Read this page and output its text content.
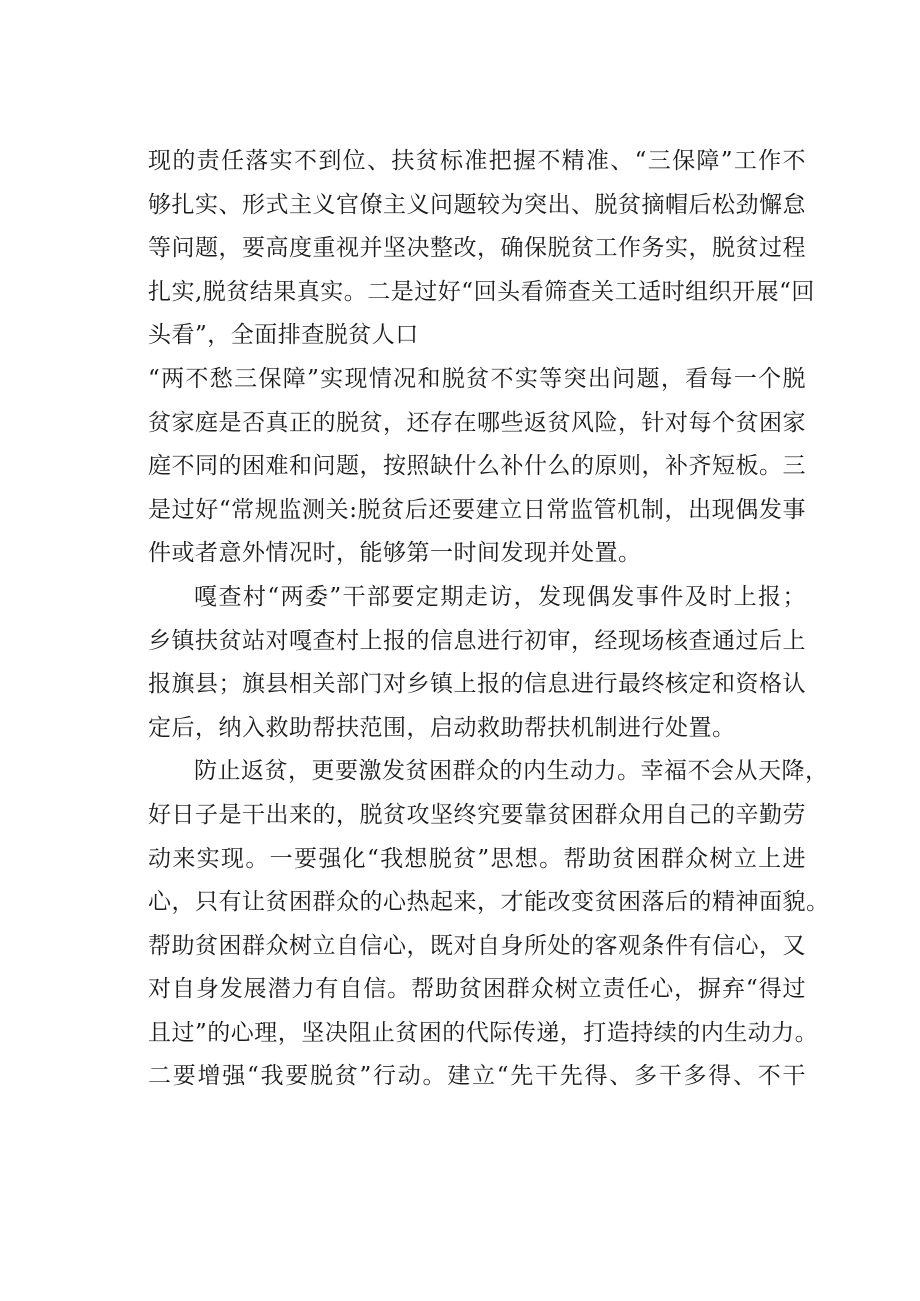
现的责任落实不到位、扶贫标准把握不精准、“三保障”工作不
够扎实、形式主义官僚主义问题较为突出、脱贫摘帽后松劲懈怠
等问题，要高度重视并坚决整改，确保脱贫工作务实，脱贫过程
扎实,脱贫结果真实。二是过好“回头看筛查关工适时组织开展“回
头看”，全面排查脱贫人口

“两不愁三保障”实现情况和脱贫不实等突出问题，看每一个脱
贫家庭是否真正的脱贫，还存在哪些返贫风险，针对每个贫困家
庭不同的困难和问题，按照缺什么补什么的原则，补齐短板。三
是过好“常规监测关:脱贫后还要建立日常监管机制，出现偶发事
件或者意外情况时，能够第一时间发现并处置。

嘎查村“两委”干部要定期走访，发现偶发事件及时上报；
乡镇扶贫站对嘎查村上报的信息进行初审，经现场核查通过后上
报旗县；旗县相关部门对乡镇上报的信息进行最终核定和资格认
定后，纳入救助帮扶范围，启动救助帮扶机制进行处置。

防止返贫，更要激发贫困群众的内生动力。幸福不会从天降，
好日子是干出来的，脱贫攻坚终究要靠贫困群众用自己的辛勤劳
动来实现。一要强化“我想脱贫”思想。帮助贫困群众树立上进
心，只有让贫困群众的心热起来，才能改变贫困落后的精神面貌。
帮助贫困群众树立自信心，既对自身所处的客观条件有信心，又
对自身发展潜力有自信。帮助贫困群众树立责任心，摒弃“得过
且过”的心理，坚决阻止贫困的代际传递，打造持续的内生动力。
二要增强“我要脱贫”行动。建立“先干先得、多干多得、不干
